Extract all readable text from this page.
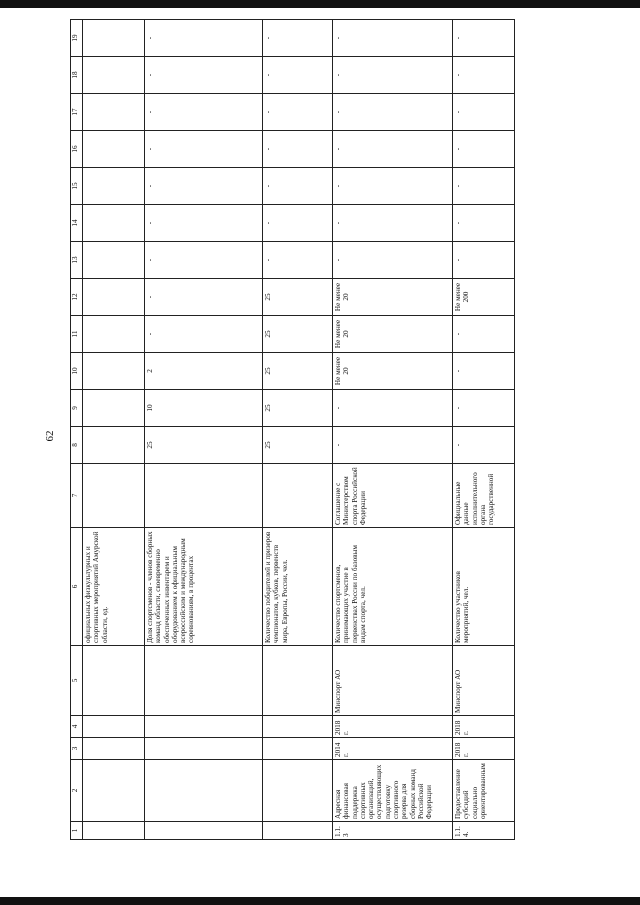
62
1	2	3	4	5	6	7	8	9	10	11	12	13	14	15	16	17	18	19
					официальных физкультурных и спортивных мероприятий Амурской области, ед.													
					Доля спортсменов - членов сборных команд области, своевременно обеспеченных инвентарем и оборудованием к официальным всероссийским и международным соревнованиям, в процентах		25	10	2	-	-	-	-	-	-	-	-	-
					Количество победителей и призеров чемпионатов, кубков, первенств мира, Европы, России, чел.		25	25	25	25	25	-	-	-	-	-	-	-
1.1.3	Адресная финансовая поддержка спортивных организаций, осуществляющих подготовку спортивного резерва для сборных команд Российской Федерации	2014 г.	2018 г.	Минспорт АО	Количество спортсменов, принимающих участие в первенствах России по базовым видам спорта, чел.	Соглашение с Министерством спорта Российской Федерации	-	-	Не менее 20	Не менее 20	Не менее 20	-	-	-	-	-	-	-
1.1.4.	Предоставление субсидий социально ориентированным	2018 г.	2018 г.	Минспорт АО	Количество участников мероприятий, чел.	Официальные данные исполнительного органа государственной	-	-	-	-	Не менее 200	-	-	-	-	-	-	-
